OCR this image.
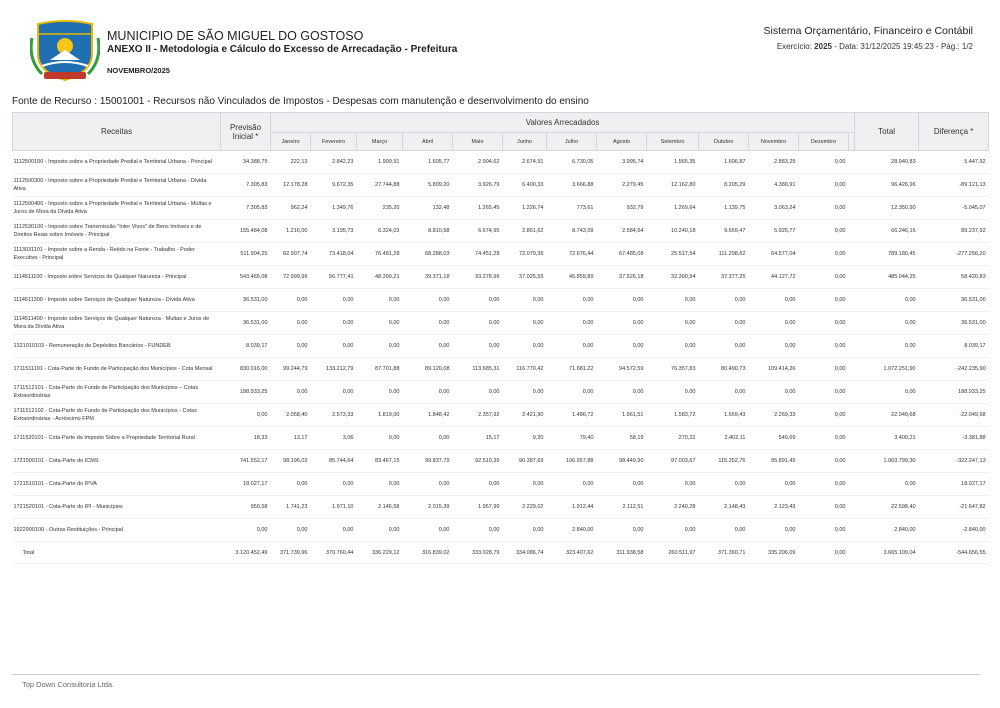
MUNICIPIO DE SÃO MIGUEL DO GOSTOSO
ANEXO II - Metodologia e Cálculo do Excesso de Arrecadação - Prefeitura
NOVEMBRO/2025
Sistema Orçamentário, Financeiro e Contábil
Exercício: 2025 - Data: 31/12/2025 19:45:23 - Pág.: 1/2
Fonte de Recurso : 15001001 - Recursos não Vinculados de Impostos - Despesas com manutenção e desenvolvimento do ensino
Receitas	Previsão Inicial *	Valores Arrecadados													Total	Diferença *
		Janeiro	Fevereiro	Março	Abril	Maio	Junho	Julho	Agosto	Setembro	Outubro	Novembro	Dezembro			
1112500100 - Imposto sobre a Propriedade Predial e Territorial Urbana - Principal	34.388,75	222,13	2.842,23	1.909,91	1.605,77	2.904,62	2.674,91	6.730,05	3.995,74	1.565,35	1.606,87	2.883,25	0,00		28.940,83	5.447,92
1112500300 - Imposto sobre a Propriedade Predial e Territorial Urbana - Dívida Ativa	7.305,83	12.178,28	9.672,35	27.744,88	5.809,20	3.926,79	6.400,33	3.666,88	2.279,45	12.162,80	8.205,29	4.380,91	0,00		96.426,96	-89.121,13
1112500400 - Imposto sobre a Propriedade Predial e Territorial Urbana - Multas e Juros de Mora da Dívida Ativa	7.305,83	962,24	1.349,76	235,20	132,48	1.265,45	1.226,74	773,61	932,79	1.269,64	1.139,75	3.063,24	0,00		12.350,90	-5.045,07
1112530100 - Imposto sobre Transmissão "Inter Vivos" de Bens Imóveis e de Direitos Reais sobre Imóveis - Principal	155.484,08	1.216,00	3.195,73	6.324,03	8.810,68	6.674,95	2.861,62	8.743,09	2.584,64	10.240,18	9.669,47	5.925,77	0,00		66.246,16	89.237,92
1113031101 - Imposto sobre a Renda - Retido na Fonte - Trabalho - Poder Executivo - Principal	511.904,25	82.907,74	73.418,04	76.481,28	68.288,03	74.451,28	72.079,36	72.676,44	67.485,08	25.517,54	111.298,62	64.577,04	0,00		789.180,45	-277.256,20
1114511100 - Imposto sobre Serviços de Qualquer Natureza - Principal	543.465,08	72.999,96	56.777,41	48.399,21	39.371,18	33.278,96	37.025,55	45.859,89	37.526,18	32.300,94	37.377,25	44.127,72	0,00		485.044,25	58.420,83
1114511300 - Imposto sobre Serviços de Qualquer Natureza - Dívida Ativa	36.531,00	0,00	0,00	0,00	0,00	0,00	0,00	0,00	0,00	0,00	0,00	0,00	0,00		0,00	36.531,00
1114511400 - Imposto sobre Serviços de Qualquer Natureza - Multas e Juros de Mora da Dívida Ativa	36.531,00	0,00	0,00	0,00	0,00	0,00	0,00	0,00	0,00	0,00	0,00	0,00	0,00		0,00	36.531,00
1321010103 - Remuneração de Depósitos Bancários - FUNDEB	8.039,17	0,00	0,00	0,00	0,00	0,00	0,00	0,00	0,00	0,00	0,00	0,00	0,00		0,00	8.039,17
1711511101 - Cota-Parte do Fundo de Participação dos Municípios - Cota Mensal	830.016,00	99.244,79	133.212,79	87.701,88	89.120,08	113.685,31	116.770,42	71.681,22	94.572,59	76.357,83	80.490,73	109.414,26	0,00		1.072.251,90	-242.235,90
1711512101 - Cota-Parte do Fundo de Participação dos Municípios – Cotas Extraordinárias	188.933,25	0,00	0,00	0,00	0,00	0,00	0,00	0,00	0,00	0,00	0,00	0,00	0,00		0,00	188.933,25
1711512102 - Cota-Parte do Fundo de Participação dos Municípios - Cotas Extraordinárias - Acréscimo FPM	0,00	2.058,40	2.573,33	1.819,00	1.848,42	2.357,92	2.421,90	1.486,72	1.961,51	1.583,72	1.669,43	2.269,33	0,00		22.049,68	-22.049,68
1711520101 - Cota-Parte do Imposto Sobre a Propriedade Territorial Rural	18,33	13,17	3,06	0,00	0,00	15,17	9,20	79,40	58,19	270,22	2.402,11	549,69	0,00		3.400,21	-3.381,88
1721500101 - Cota-Parte do ICMS	741.552,17	98.196,02	85.744,64	83.467,15	99.837,79	92.510,35	90.387,69	106.957,88	98.449,90	97.003,67	115.352,76	95.891,45	0,00		1.063.799,30	-322.247,13
1721510101 - Cota-Parte do IPVA	18.027,17	0,00	0,00	0,00	0,00	0,00	0,00	0,00	0,00	0,00	0,00	0,00	0,00		0,00	18.027,17
1721520101 - Cota-Parte do IPI - Municípios	950,58	1.741,23	1.971,10	2.146,58	2.015,39	1.957,99	2.229,02	1.912,44	2.112,51	2.240,28	2.148,43	2.123,43	0,00		22.598,40	-21.647,82
1922990100 - Outras Restituições - Principal	0,00	0,00	0,00	0,00	0,00	0,00	0,00	2.840,00	0,00	0,00	0,00	0,00	0,00		2.840,00	-2.840,00
Total	3.120.452,49	371.739,96	370.760,44	336.229,12	316.839,02	333.028,79	334.086,74	323.407,62	311.938,58	260.511,97	371.360,71	335.206,09	0,00		3.665.109,04	-544.656,55
Top Down Consultoria Ltda.
